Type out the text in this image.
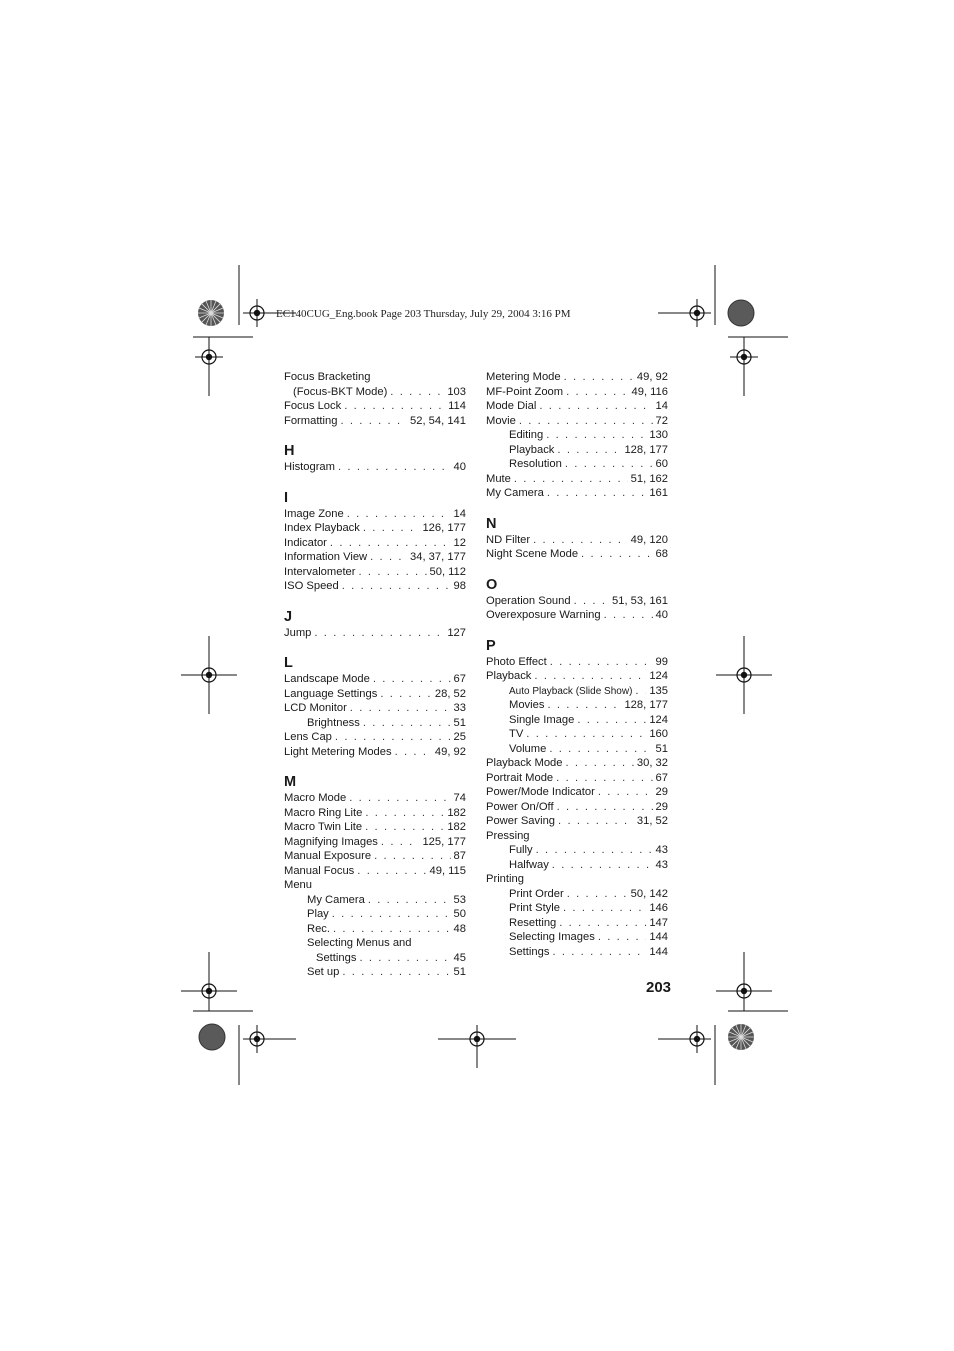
EC140CUG_Eng.book Page 203 Thursday, July 29, 2004 3:16 PM
Focus Bracketing
(Focus-BKT Mode) . . .	103
Focus Lock . . .	114
Formatting . . .	52, 54, 141
H
Histogram . . .	40
I
Image Zone . . .	14
Index Playback . . .	126, 177
Indicator . . .	12
Information View . . .	34, 37, 177
Intervalometer . . .	50, 112
ISO Speed . . .	98
J
Jump . . .	127
L
Landscape Mode . . .	67
Language Settings . . .	28, 52
LCD Monitor . . .	33
Brightness . . .	51
Lens Cap . . .	25
Light Metering Modes . . .	49, 92
M
Macro Mode . . .	74
Macro Ring Lite . . .	182
Macro Twin Lite . . .	182
Magnifying Images . . .	125, 177
Manual Exposure . . .	87
Manual Focus . . .	49, 115
Menu
My Camera . . .	53
Play . . .	50
Rec. . . .	48
Selecting Menus and
Settings . . .	45
Set up . . .	51
Metering Mode . . .	49, 92
MF-Point Zoom . . .	49, 116
Mode Dial . . .	14
Movie . . .	72
Editing . . .	130
Playback . . .	128, 177
Resolution . . .	60
Mute . . .	51, 162
My Camera . . .	161
N
ND Filter . . .	49, 120
Night Scene Mode . . .	68
O
Operation Sound . . .	51, 53, 161
Overexposure Warning . . .	40
P
Photo Effect . . .	99
Playback . . .	124
Auto Playback (Slide Show) . . . 135
Movies . . .	128, 177
Single Image . . .	124
TV . . .	160
Volume . . .	51
Playback Mode . . .	30, 32
Portrait Mode . . .	67
Power/Mode Indicator . . .	29
Power On/Off . . .	29
Power Saving . . .	31, 52
Pressing
Fully . . .	43
Halfway . . .	43
Printing
Print Order . . .	50, 142
Print Style . . .	146
Resetting . . .	147
Selecting Images . . .	144
Settings . . .	144
203
